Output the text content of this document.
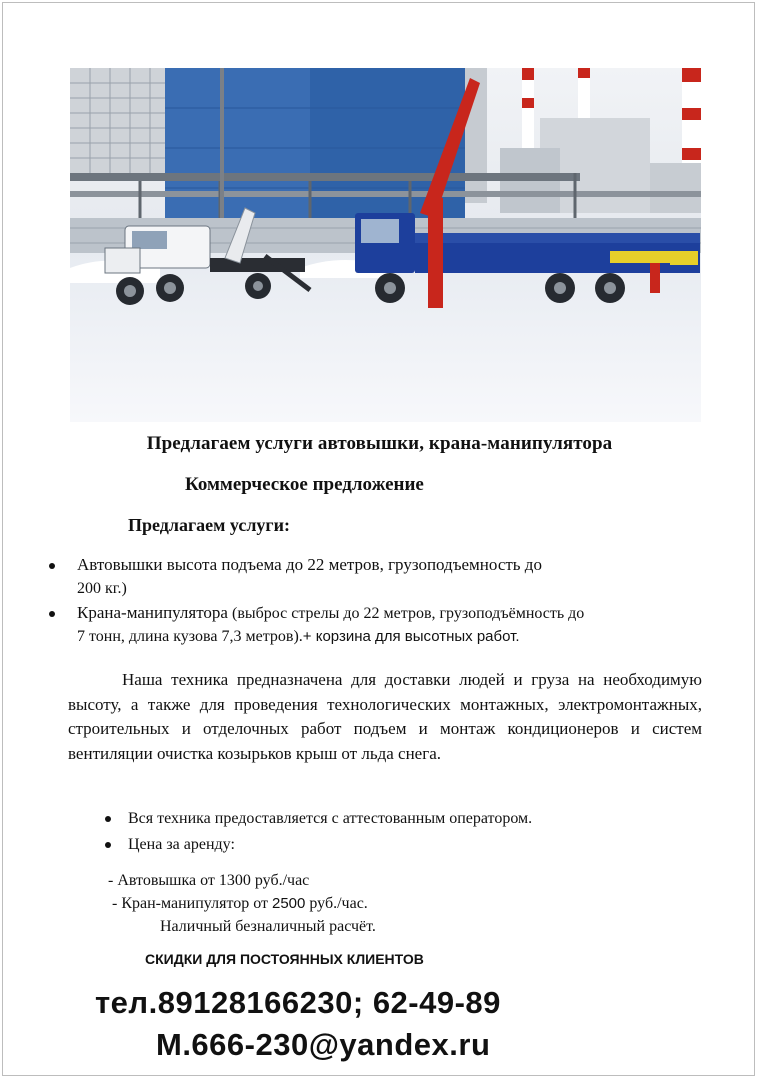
Предлагаем услуги автовышки, крана-манипулятора
Коммерческое предложение
Предлагаем услуги:
Автовышки высота подъема до 22 метров, грузоподъемность до
200 кг.)
Крана-манипулятора (выброс стрелы до 22 метров, грузоподъёмность до
7 тонн, длина кузова 7,3 метров).+ корзина для высотных работ.
Наша техника предназначена для доставки людей и груза на необходимую высоту, а также для проведения технологических монтажных, электромонтажных, строительных и отделочных работ подъем и монтаж кондиционеров и систем вентиляции очистка козырьков крыш от льда снега.
Вся техника предоставляется с аттестованным оператором.
Цена за аренду:
- Автовышка от 1300 руб./час
- Кран-манипулятор от 2500 руб./час.
Наличный безналичный расчёт.
СКИДКИ ДЛЯ ПОСТОЯННЫХ КЛИЕНТОВ
тел.89128166230; 62-49-89
M.666-230@yandex.ru
